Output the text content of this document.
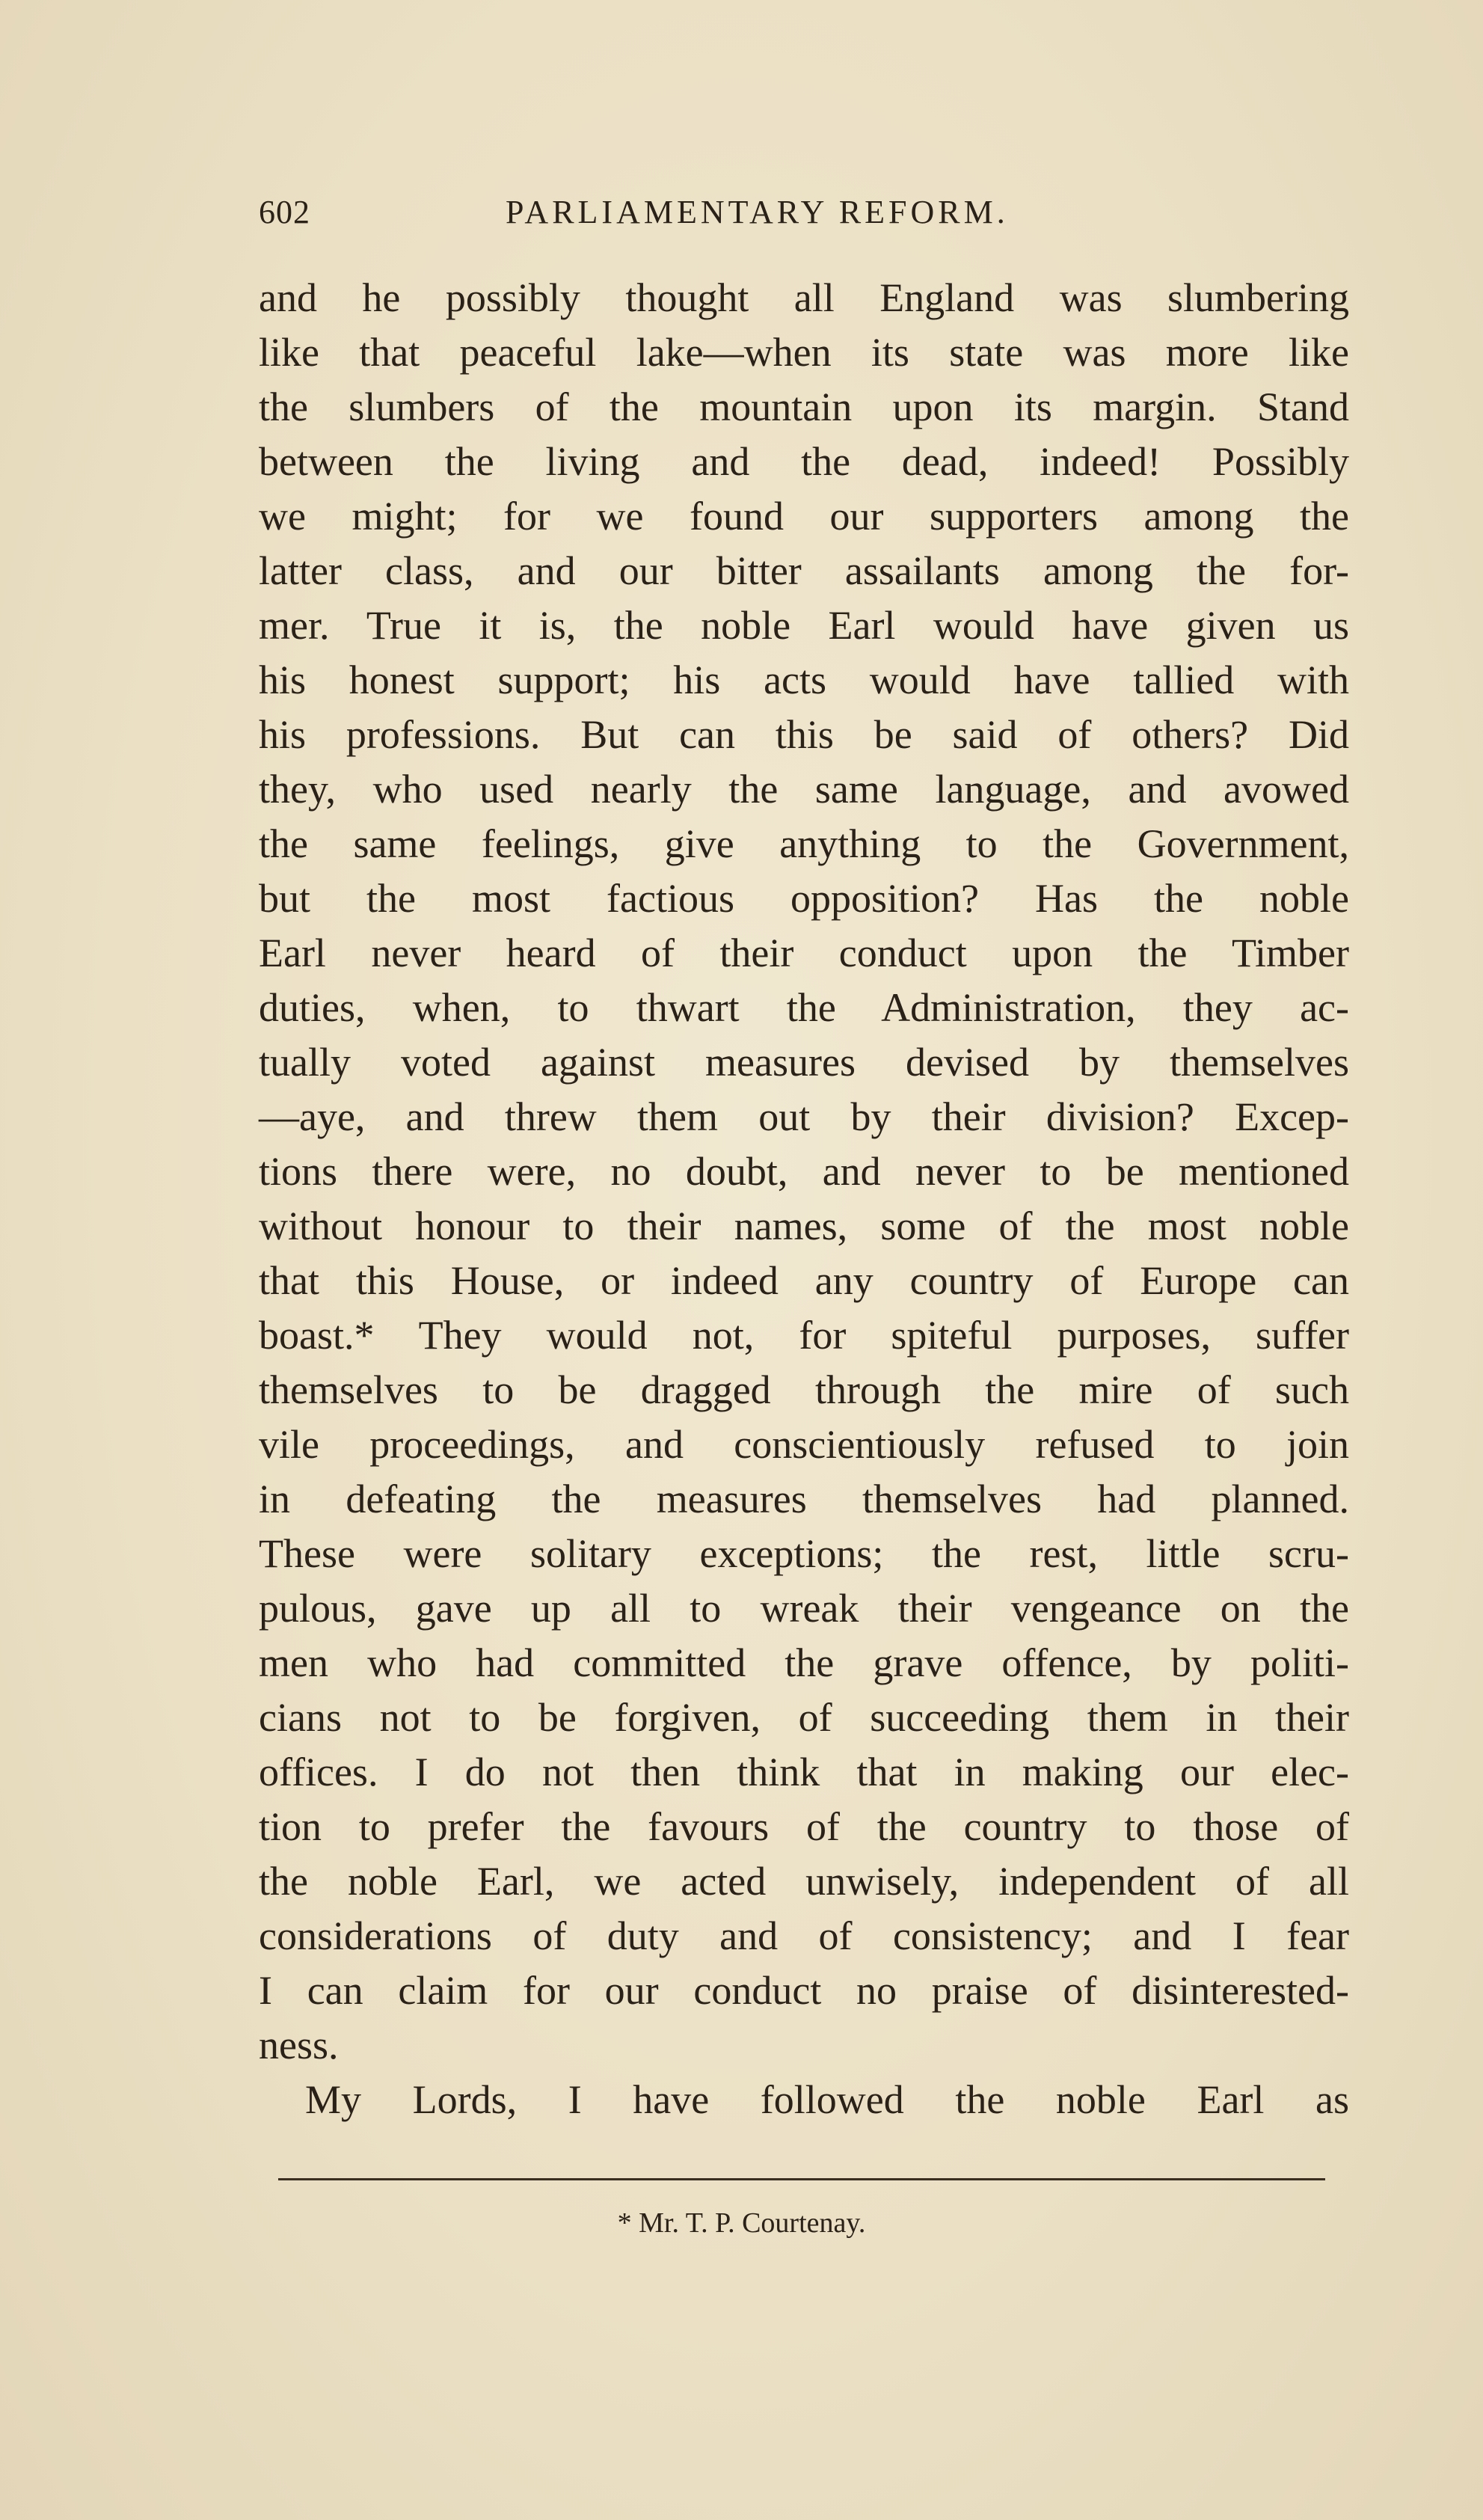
602	PARLIAMENTARY REFORM.
and he possibly thought all England was slumbering
like that peaceful lake—when its state was more like
the slumbers of the mountain upon its margin. Stand
between the living and the dead, indeed! Possibly
we might; for we found our supporters among the
latter class, and our bitter assailants among the for-
mer. True it is, the noble Earl would have given us
his honest support; his acts would have tallied with
his professions. But can this be said of others? Did
they, who used nearly the same language, and avowed
the same feelings, give anything to the Government,
but the most factious opposition? Has the noble
Earl never heard of their conduct upon the Timber
duties, when, to thwart the Administration, they ac-
tually voted against measures devised by themselves
—aye, and threw them out by their division? Excep-
tions there were, no doubt, and never to be mentioned
without honour to their names, some of the most noble
that this House, or indeed any country of Europe can
boast.* They would not, for spiteful purposes, suffer
themselves to be dragged through the mire of such
vile proceedings, and conscientiously refused to join
in defeating the measures themselves had planned.
These were solitary exceptions; the rest, little scru-
pulous, gave up all to wreak their vengeance on the
men who had committed the grave offence, by politi-
cians not to be forgiven, of succeeding them in their
offices. I do not then think that in making our elec-
tion to prefer the favours of the country to those of
the noble Earl, we acted unwisely, independent of all
considerations of duty and of consistency; and I fear
I can claim for our conduct no praise of disinterested-
ness.
My Lords, I have followed the noble Earl as
* Mr. T. P. Courtenay.
